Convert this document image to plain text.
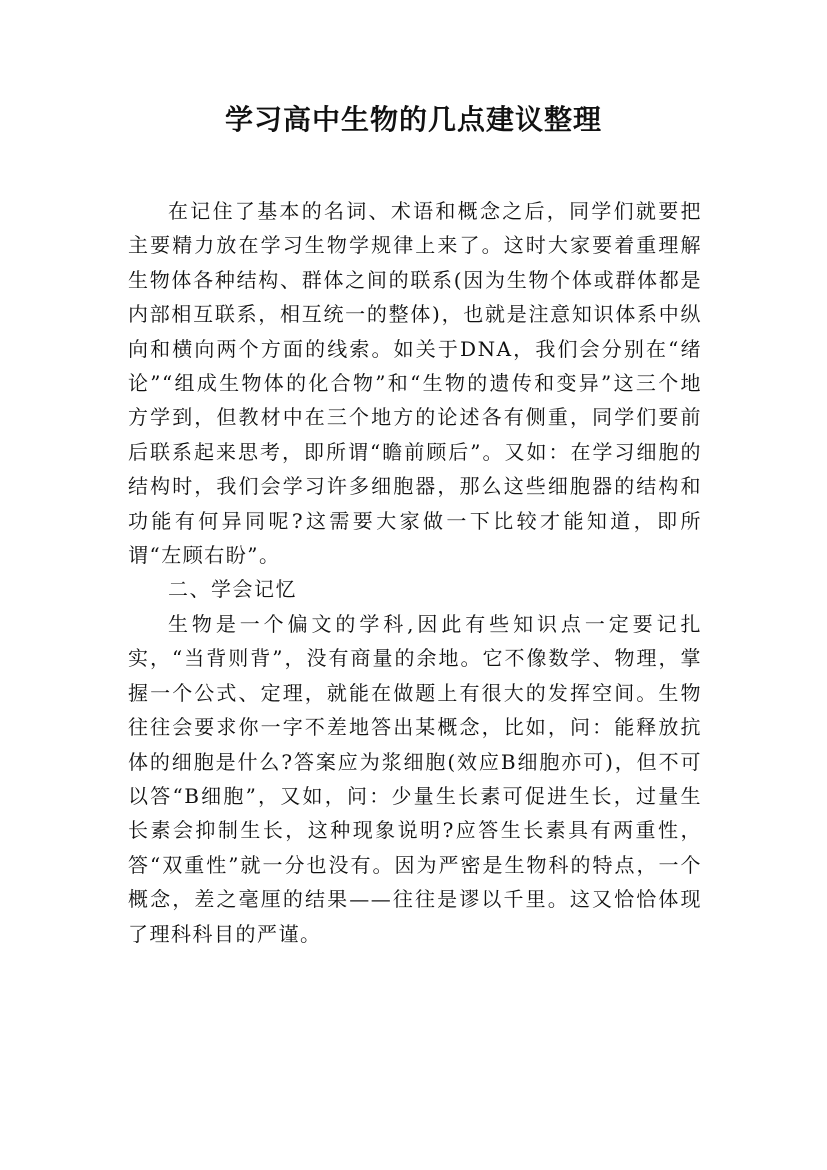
学习高中生物的几点建议整理

在记住了基本的名词、术语和概念之后，同学们就要把主要精力放在学习生物学规律上来了。这时大家要着重理解生物体各种结构、群体之间的联系(因为生物个体或群体都是内部相互联系，相互统一的整体)，也就是注意知识体系中纵向和横向两个方面的线索。如关于DNA，我们会分别在“绪论”“组成生物体的化合物”和“生物的遗传和变异”这三个地方学到，但教材中在三个地方的论述各有侧重，同学们要前后联系起来思考，即所谓“瞻前顾后”。又如：在学习细胞的结构时，我们会学习许多细胞器，那么这些细胞器的结构和功能有何异同呢?这需要大家做一下比较才能知道，即所谓“左顾右盼”。

二、学会记忆

生物是一个偏文的学科,因此有些知识点一定要记扎实，“当背则背”，没有商量的余地。它不像数学、物理，掌握一个公式、定理，就能在做题上有很大的发挥空间。生物往往会要求你一字不差地答出某概念，比如，问：能释放抗体的细胞是什么?答案应为浆细胞(效应B细胞亦可)，但不可以答“B细胞”，又如，问：少量生长素可促进生长，过量生长素会抑制生长，这种现象说明?应答生长素具有两重性，答“双重性”就一分也没有。因为严密是生物科的特点，一个概念，差之毫厘的结果——往往是谬以千里。这又恰恰体现了理科科目的严谨。
